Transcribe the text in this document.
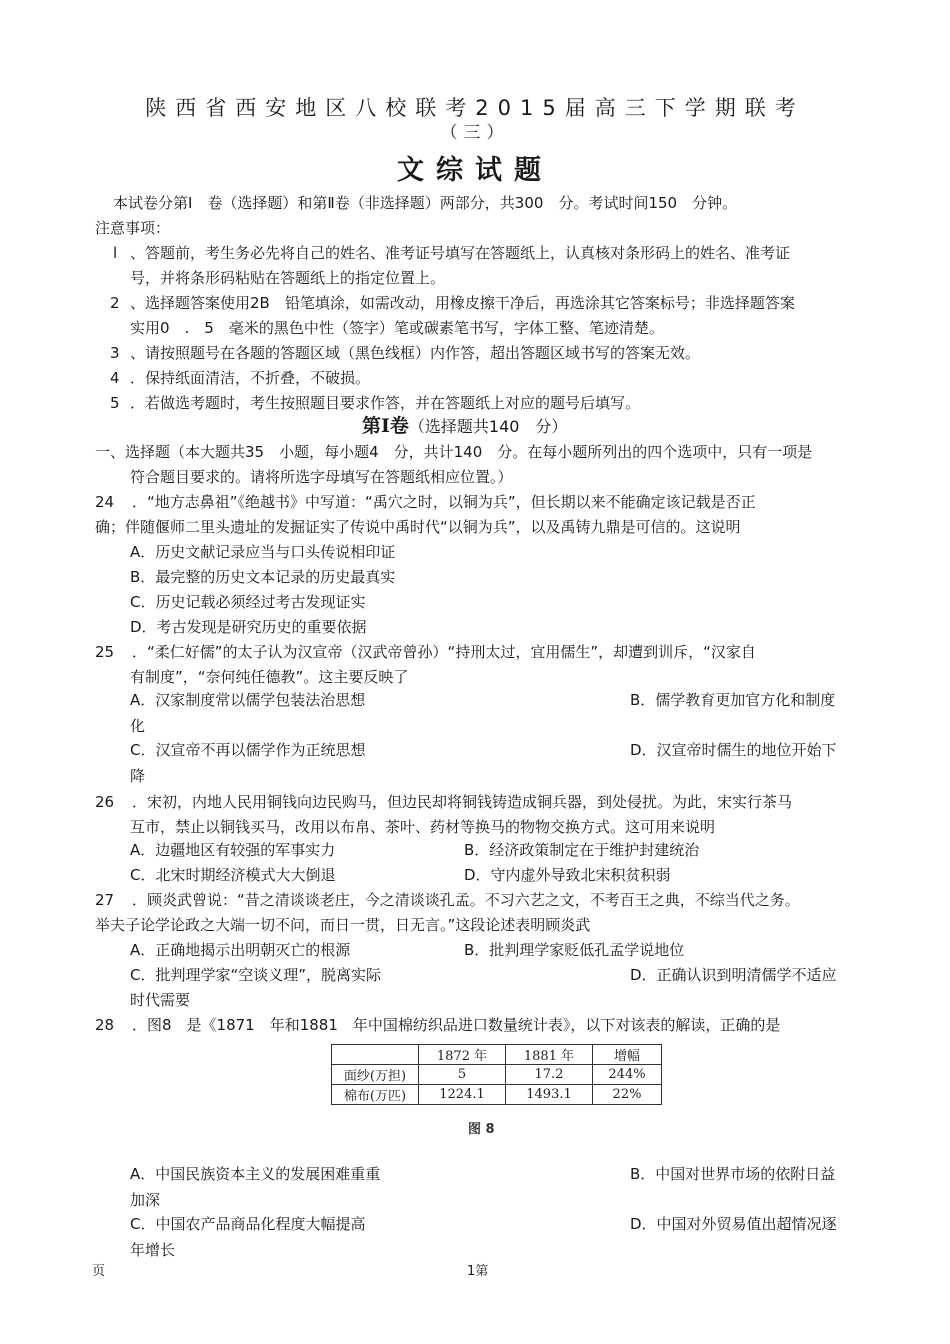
陕西省西安地区八校联考2015届高三下学期联考
（三）
文综试题
本试卷分第I　卷（选择题）和第Ⅱ卷（非选择题）两部分，共300　分。考试时间150　分钟。
注意事项：
l 、答题前，考生务必先将自己的姓名、准考证号填写在答题纸上，认真核对条形码上的姓名、准考证
号，并将条形码粘贴在答题纸上的指定位置上。
2 、选择题答案使用2B　铅笔填涂，如需改动，用橡皮擦干净后，再选涂其它答案标号；非选择题答案
实用0　.　5　毫米的黑色中性（签字）笔或碳素笔书写，字体工整、笔迹清楚。
3 、请按照题号在各题的答题区域（黑色线框）内作答，超出答题区域书写的答案无效。
4 ．保持纸面清洁，不折叠，不破损。
5 ．若做选考题时，考生按照题目要求作答，并在答题纸上对应的题号后填写。
第Ⅰ卷（选择题共140　分）
一、选择题（本大题共35　小题，每小题4　分，共计140　分。在每小题所列出的四个选项中，只有一项是
符合题目要求的。请将所选字母填写在答题纸相应位置。）
24 ．“地方志鼻祖”《绝越书》中写道：“禹穴之时，以铜为兵”，但长期以来不能确定该记载是否正
确；伴随偃师二里头遗址的发掘证实了传说中禹时代“以铜为兵”，以及禹铸九鼎是可信的。这说明
A．历史文献记录应当与口头传说相印证
B．最完整的历史文本记录的历史最真实
C．历史记载必须经过考古发现证实
D．考古发现是研究历史的重要依据
25 ．“柔仁好儒”的太子认为汉宣帝（汉武帝曾孙）“持刑太过，宜用儒生”，却遭到训斥，“汉家自
有制度”，“奈何纯任德教”。这主要反映了
A．汉家制度常以儒学包装法治思想	B．儒学教育更加官方化和制度
化
C．汉宣帝不再以儒学作为正统思想	D．汉宣帝时儒生的地位开始下
降
26 ．宋初，内地人民用铜钱向边民购马，但边民却将铜钱铸造成铜兵器，到处侵扰。为此，宋实行茶马
互市，禁止以铜钱买马，改用以布帛、茶叶、药材等换马的物物交换方式。这可用来说明
A．边疆地区有较强的军事实力	B．经济政策制定在于维护封建统治
C．北宋时期经济模式大大倒退	D．守内虚外导致北宋积贫积弱
27 ．顾炎武曾说：“昔之清谈谈老庄，今之清谈谈孔孟。不习六艺之文，不考百王之典，不综当代之务。
举夫子论学论政之大端一切不问，而日一贯，日无言。”这段论述表明顾炎武
A．正确地揭示出明朝灭亡的根源	B．批判理学家贬低孔孟学说地位
C．批判理学家“空谈义理”，脱离实际	D．正确认识到明清儒学不适应
时代需要
28 ．图8　是《1871　年和1881　年中国棉纺织品进口数量统计表》，以下对该表的解读，正确的是
	1872 年	1881 年	增幅
面纱(万担)	5	17.2	244%
棉布(万匹)	1224.1	1493.1	22%
图 8
A．中国民族资本主义的发展困难重重	B．中国对世界市场的依附日益
加深
C．中国农产品商品化程度大幅提高	D．中国对外贸易值出超情况逐
年增长
页	1第
